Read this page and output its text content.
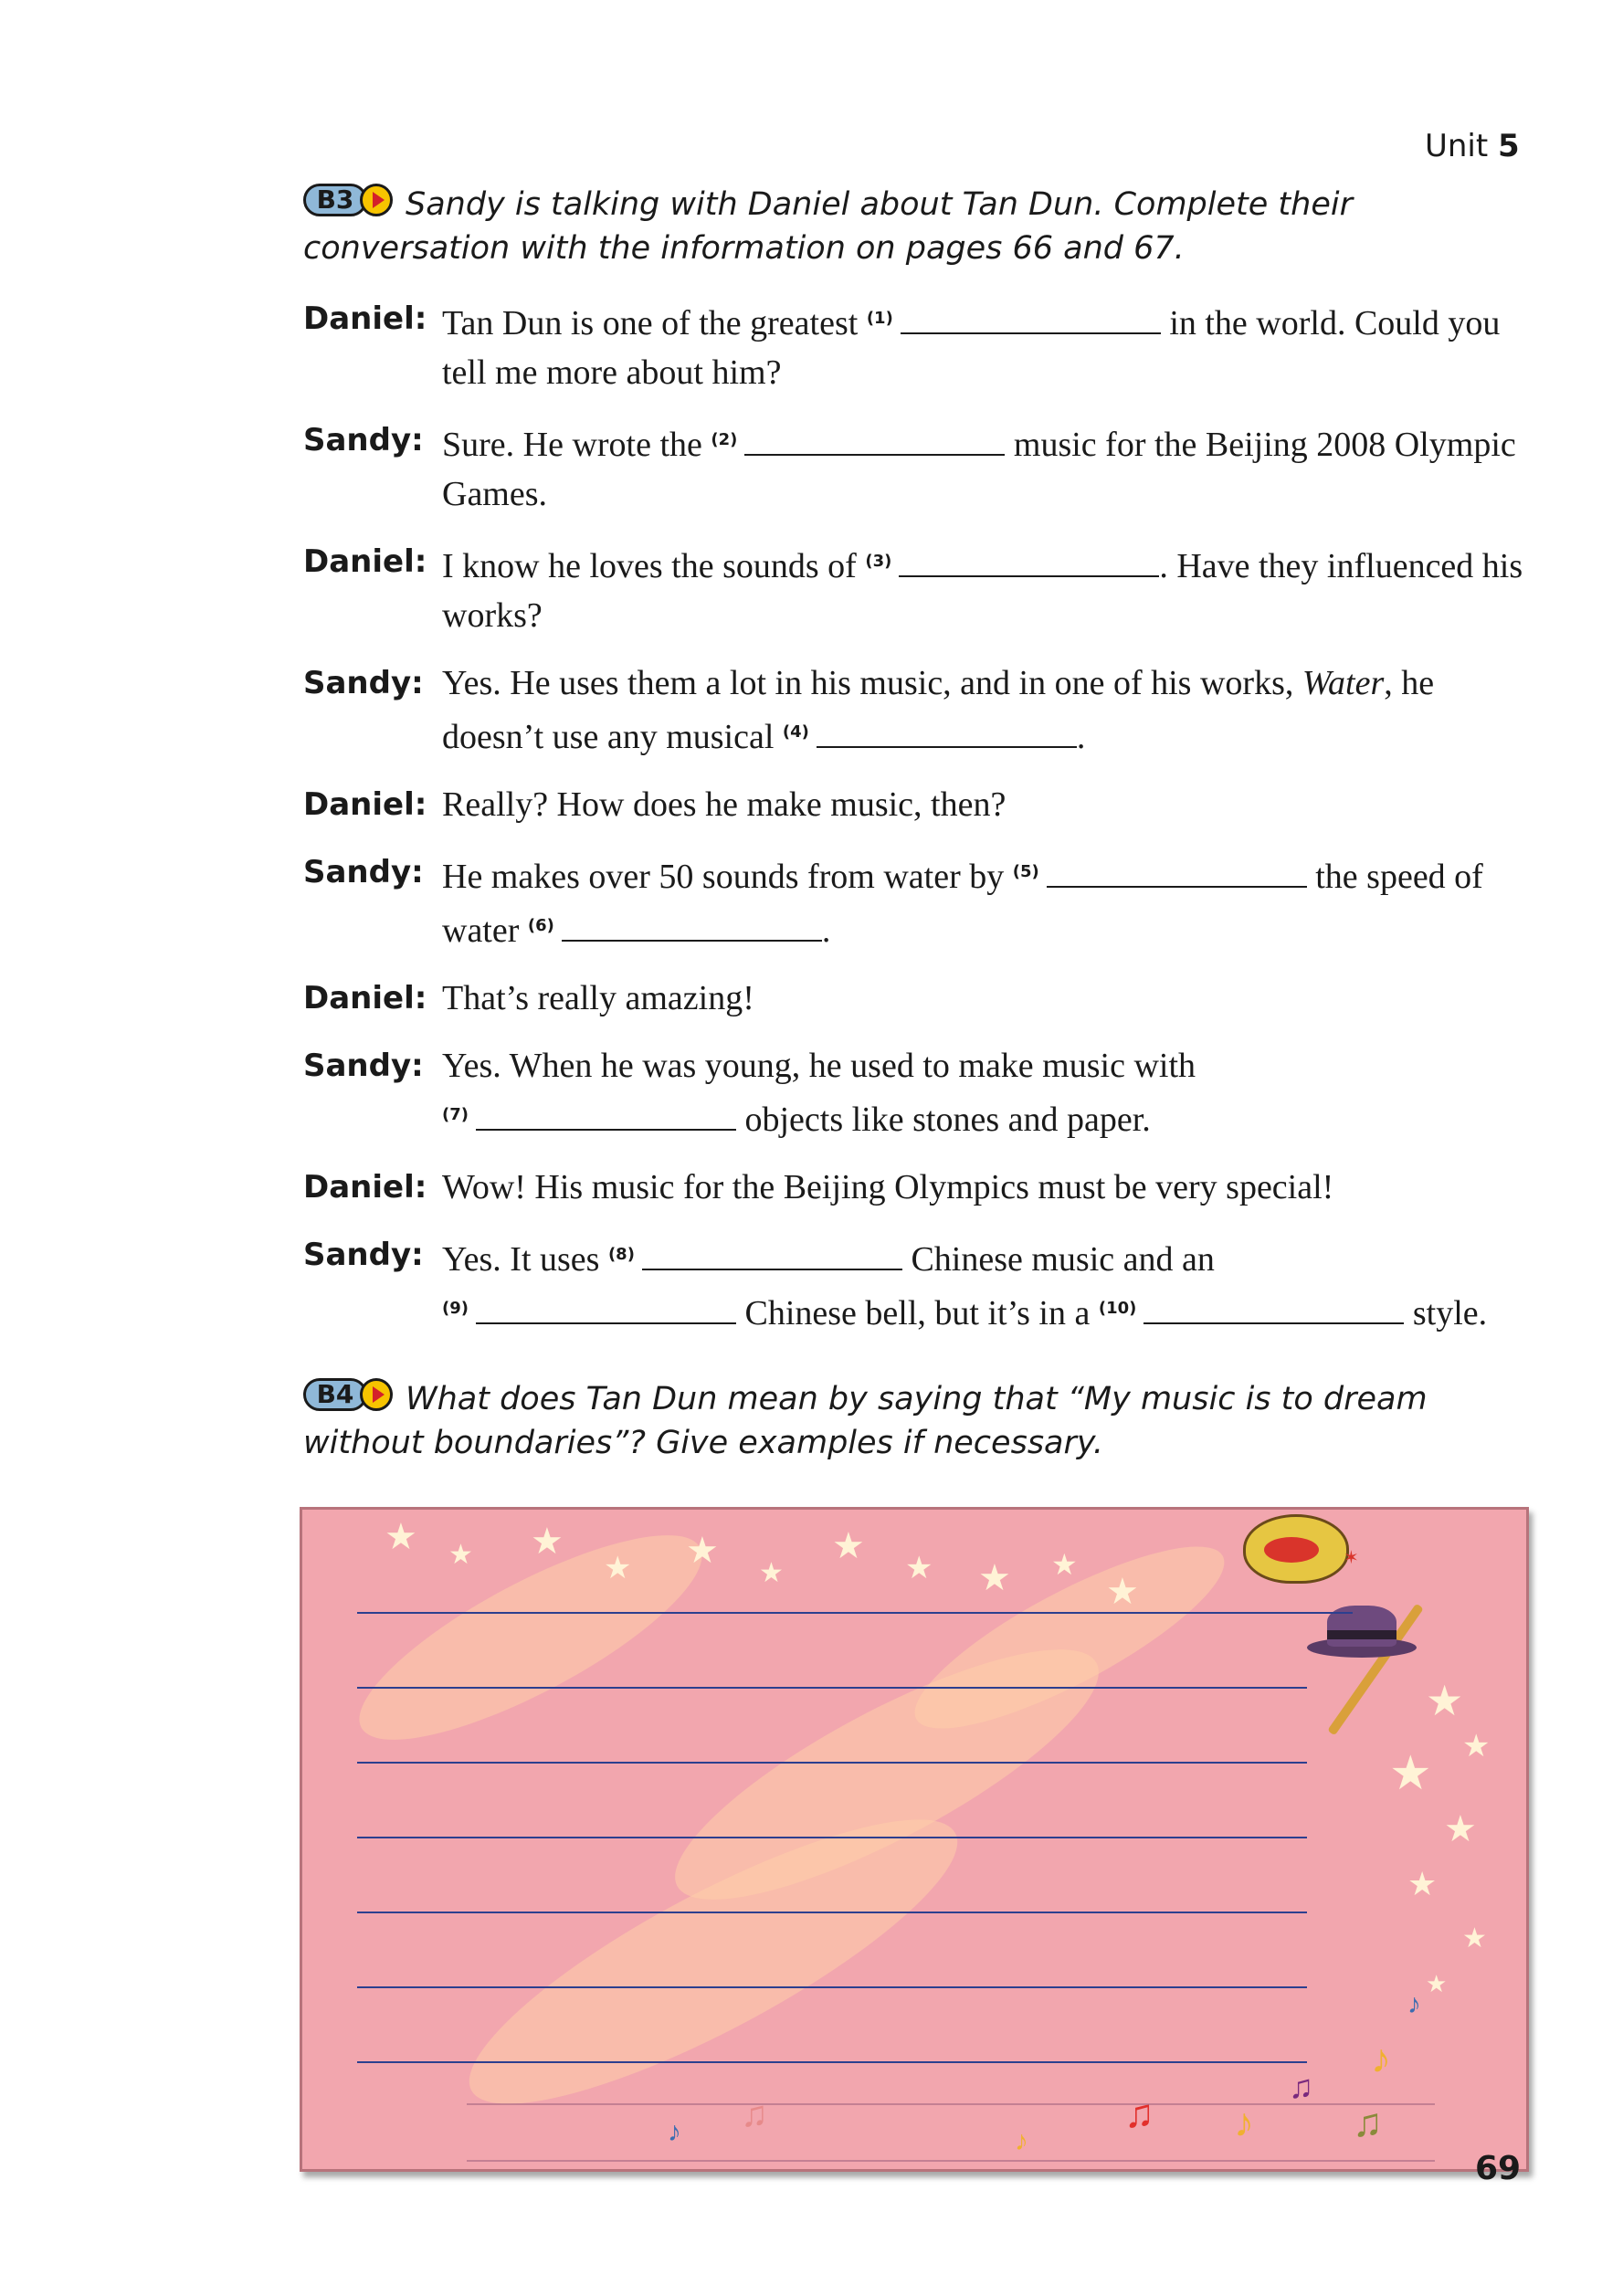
Unit 5
B3	Sandy is talking with Daniel about Tan Dun. Complete their conversation with the information on pages 66 and 67.
Daniel: Tan Dun is one of the greatest $^{(1)}$	in the world. Could you tell me more about him?
Sandy: Sure. He wrote the $^{(2)}$	music for the Beijing 2008 Olympic Games.
Daniel: I know he loves the sounds of $^{(3)}$	. Have they influenced his works?
Sandy: Yes. He uses them a lot in his music, and in one of his works, Water, he doesn’t use any musical $^{(4)}$	.
Daniel: Really? How does he make music, then?
Sandy: He makes over 50 sounds from water by $^{(5)}$	the speed of water $^{(6)}$	.
Daniel: That’s really amazing!
Sandy: Yes. When he was young, he used to make music with
$^{(7)}$	objects like stones and paper.
Daniel: Wow! His music for the Beijing Olympics must be very special!
Sandy: Yes. It uses $^{(8)}$	Chinese music and an
$^{(9)}$	Chinese bell, but it’s in a $^{(10)}$	style.
B4	What does Tan Dun mean by saying that “My music is to dream without boundaries”? Give examples if necessary.
★ ★ ★
★ ★
★
★
★ ★ ★
★
★
★
★
★
★
★
★
✶
♪
♫
♫ ♪ ♫
♫
♪	♪
♪
69
